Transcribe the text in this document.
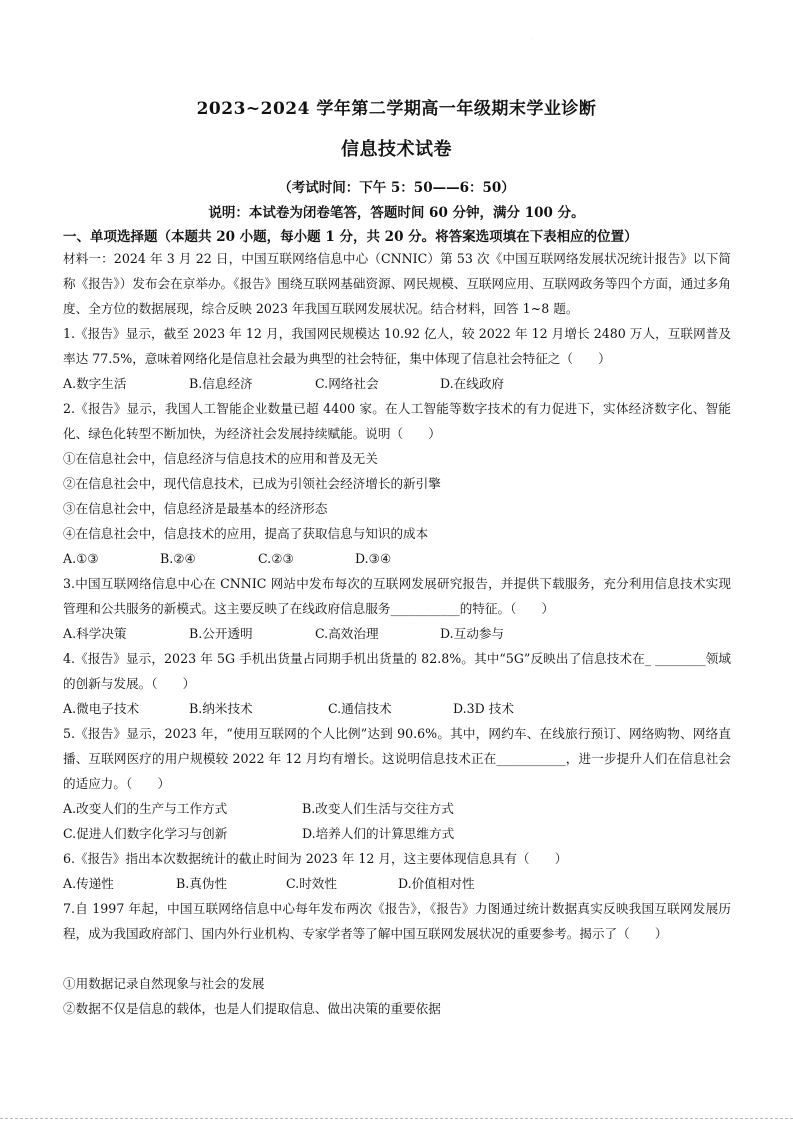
·
2023~2024 学年第二学期高一年级期末学业诊断
信息技术试卷
（考试时间：下午 5：50——6：50）
说明：本试卷为闭卷笔答，答题时间 60 分钟，满分 100 分。
一、单项选择题（本题共 20 小题，每小题 1 分，共 20 分。将答案选项填在下表相应的位置）
材料一：2024 年 3 月 22 日，中国互联网络信息中心（CNNIC）第 53 次《中国互联网络发展状况统计报告》以下简称《报告》）发布会在京举办。《报告》围绕互联网基础资源、网民规模、互联网应用、互联网政务等四个方面，通过多角度、全方位的数据展现，综合反映 2023 年我国互联网发展状况。结合材料，回答 1~8 题。
1.《报告》显示，截至 2023 年 12 月，我国网民规模达 10.92 亿人，较 2022 年 12 月增长 2480 万人，互联网普及率达 77.5%，意味着网络化是信息社会最为典型的社会特征，集中体现了信息社会特征之（　　）
A.数字生活	B.信息经济	C.网络社会	D.在线政府
2.《报告》显示，我国人工智能企业数量已超 4400 家。在人工智能等数字技术的有力促进下，实体经济数字化、智能化、绿色化转型不断加快，为经济社会发展持续赋能。说明（　　）
①在信息社会中，信息经济与信息技术的应用和普及无关
②在信息社会中，现代信息技术，已成为引领社会经济增长的新引擎
③在信息社会中，信息经济是最基本的经济形态
④在信息社会中，信息技术的应用，提高了获取信息与知识的成本
A.①③	B.②④	C.②③	D.③④
3.中国互联网络信息中心在 CNNIC 网站中发布每次的互联网发展研究报告，并提供下载服务，充分利用信息技术实现管理和公共服务的新模式。这主要反映了在线政府信息服务___________的特征。（　　）
A.科学决策	B.公开透明	C.高效治理	D.互动参与
4.《报告》显示，2023 年 5G 手机出货量占同期手机出货量的 82.8%。其中“5G”反映出了信息技术在_ ________领域的创新与发展。（　　）
A.微电子技术	B.纳米技术	C.通信技术	D.3D 技术
5.《报告》显示，2023 年，“使用互联网的个人比例”达到 90.6%。其中，网约车、在线旅行预订、网络购物、网络直播、互联网医疗的用户规模较 2022 年 12 月均有增长。这说明信息技术正在___________，进一步提升人们在信息社会的适应力。（　　）
A.改变人们的生产与工作方式	B.改变人们生活与交往方式
C.促进人们数字化学习与创新	D.培养人们的计算思维方式
6.《报告》指出本次数据统计的截止时间为 2023 年 12 月，这主要体现信息具有（　　）
A.传递性	B.真伪性	C.时效性	D.价值相对性
7.自 1997 年起，中国互联网络信息中心每年发布两次《报告》，《报告》力图通过统计数据真实反映我国互联网发展历程，成为我国政府部门、国内外行业机构、专家学者等了解中国互联网发展状况的重要参考。揭示了（　　）
①用数据记录自然现象与社会的发展
②数据不仅是信息的载体，也是人们提取信息、做出决策的重要依据
